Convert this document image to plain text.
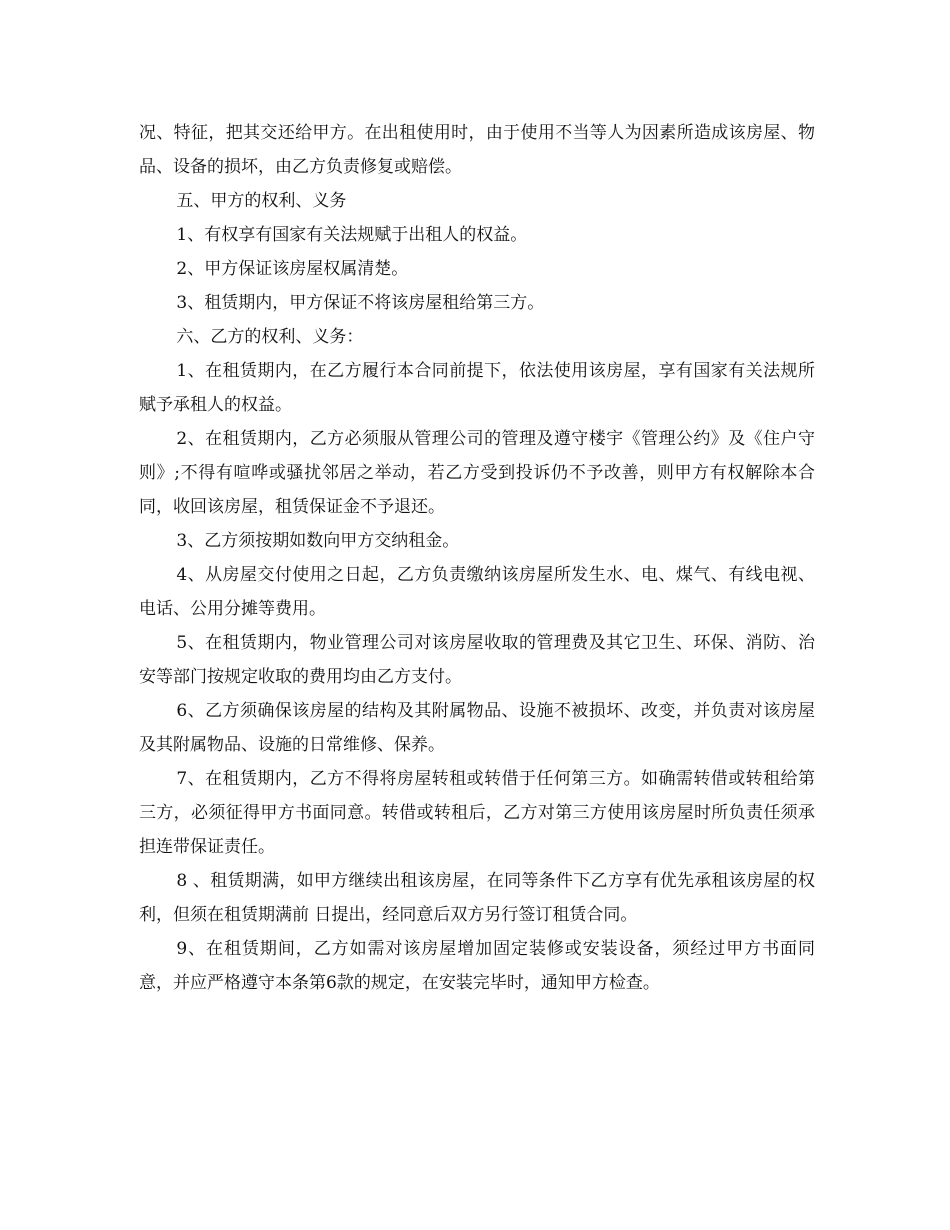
况、特征，把其交还给甲方。在出租使用时，由于使用不当等人为因素所造成该房屋、物品、设备的损坏，由乙方负责修复或赔偿。

五、甲方的权利、义务

1、有权享有国家有关法规赋于出租人的权益。

2、甲方保证该房屋权属清楚。

3、租赁期内，甲方保证不将该房屋租给第三方。

六、乙方的权利、义务：

1、在租赁期内，在乙方履行本合同前提下，依法使用该房屋，享有国家有关法规所赋予承租人的权益。

2、在租赁期内，乙方必须服从管理公司的管理及遵守楼宇《管理公约》及《住户守则》;不得有喧哗或骚扰邻居之举动，若乙方受到投诉仍不予改善，则甲方有权解除本合同，收回该房屋，租赁保证金不予退还。

3、乙方须按期如数向甲方交纳租金。

4、从房屋交付使用之日起，乙方负责缴纳该房屋所发生水、电、煤气、有线电视、电话、公用分摊等费用。

5、在租赁期内，物业管理公司对该房屋收取的管理费及其它卫生、环保、消防、治安等部门按规定收取的费用均由乙方支付。

6、乙方须确保该房屋的结构及其附属物品、设施不被损坏、改变，并负责对该房屋及其附属物品、设施的日常维修、保养。

7、在租赁期内，乙方不得将房屋转租或转借于任何第三方。如确需转借或转租给第三方，必须征得甲方书面同意。转借或转租后，乙方对第三方使用该房屋时所负责任须承担连带保证责任。

8 、租赁期满，如甲方继续出租该房屋，在同等条件下乙方享有优先承租该房屋的权利，但须在租赁期满前 日提出，经同意后双方另行签订租赁合同。

9、在租赁期间，乙方如需对该房屋增加固定装修或安装设备，须经过甲方书面同意，并应严格遵守本条第6款的规定，在安装完毕时，通知甲方检查。
